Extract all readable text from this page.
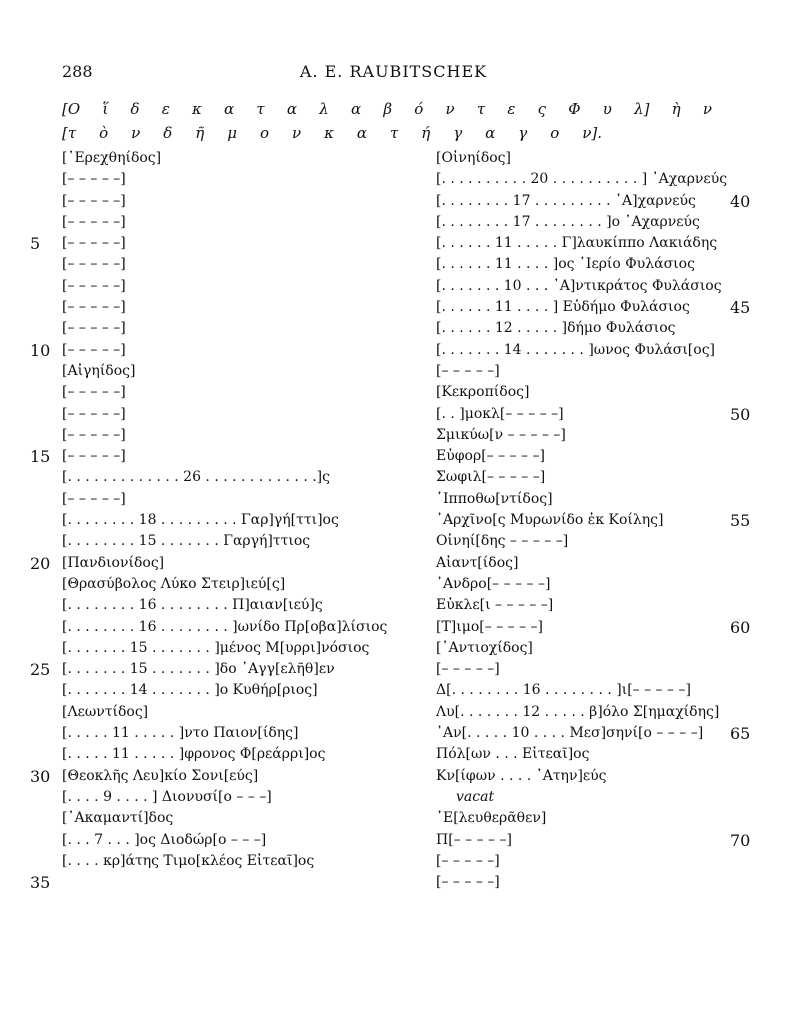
288	A. E. RAUBITSCHEK
[Ο ἵ δ ε κ α τ α λ α β ό ν τ ε ς Φ υ λ] ὴ ν
[τ ὸ ν δ ῆ μ ο ν κ α τ ή γ α γ ο ν].
[᾿Ερεχθηίδος]
[– – – – –]
[– – – – –]
[– – – – –]
[– – – – –]
[– – – – –]
[– – – – –]
[– – – – –]
[– – – – –]
[– – – – –]
[Αἰγηίδος]
[– – – – –]
[– – – – –]
[– – – – –]
[– – – – –]
[. . . . . . . . . . . . . 26 . . . . . . . . . . . . .]ς
[– – – – –]
[. . . . . . . . 18 . . . . . . . . . Γαρ]γή[ττι]ος
[. . . . . . . . 15 . . . . . . . Γαργή]ττιος
[Πανδιονίδος]
[Θρασύβολος Λύκο Στειρ]ιεύ[ς]
[. . . . . . . . 16 . . . . . . . . Π]αιαν[ιεύ]ς
[. . . . . . . . 16 . . . . . . . . ]ωνίδο Πρ[οβα]λίσιος
[. . . . . . . 15 . . . . . . . ]μένος Μ[υρρι]νόσιος
[. . . . . . . 15 . . . . . . . ]δο ᾿Αγγ[ελῆθ]εν
[. . . . . . . 14 . . . . . . . ]ο Κυθήρ[ριος]
[Λεωντίδος]
[. . . . . 11 . . . . . ]ντο Παιον[ίδης]
[. . . . . 11 . . . . . ]φρονος Φ[ρεάρρι]ος
[Θεοκλῆς Λευ]κίο Σονι[εύς]
[. . . . 9 . . . . ] Διονυσί[ο – – –]
[᾿Ακαμαντί]δος
[. . . 7 . . . ]ος Διοδώρ[ο – – –]
[. . . . κρ]άτης Τιμο[κλέος Εἰτεαῖ]ος
[Οἰνηίδος]
[. . . . . . . . . . 20 . . . . . . . . . . ] ᾿Αχαρνεύς
[. . . . . . . . 17 . . . . . . . . . ᾿Α]χαρνεύς
[. . . . . . . . 17 . . . . . . . . ]ο ᾿Αχαρνεύς
[. . . . . . 11 . . . . . Γ]λαυκίππο Λακιάδης
[. . . . . . 11 . . . . ]ος ῾Ιερίο Φυλάσιος
[. . . . . . . 10 . . . ᾿Α]ντικράτος Φυλάσιος
[. . . . . . 11 . . . . ] Εὐδήμο Φυλάσιος
[. . . . . . 12 . . . . . ]δήμο Φυλάσιος
[. . . . . . . 14 . . . . . . . ]ωνος Φυλάσι[ος]
[– – – – –]
[Κεκροπίδος]
[. . ]μοκλ[– – – – –]
Σμικύω[ν – – – – –]
Εὐφορ[– – – – –]
Σωφιλ[– – – – –]
῾Ιπποθω[ντίδος]
᾿Αρχῖνο[ς Μυρωνίδο ἐκ Κοίλης]
Οἰνηί[δης – – – – –]
Αἰαντ[ίδος]
᾿Ανδρο[– – – – –]
Εὐκλε[ι – – – – –]
[Τ]ιμο[– – – – –]
[᾿Αντιοχίδος]
[– – – – –]
Δ[. . . . . . . . 16 . . . . . . . . ]ι[– – – – –]
Λυ[. . . . . . . 12 . . . . . β]όλο Σ[ημαχίδης]
᾿Αν[. . . . . 10 . . . . Μεσ]σηνί[ο – – – –]
Πόλ[ων . . . Εἰτεαῖ]ος
Κν[ίφων . . . . ᾿Ατην]εύς
vacat
᾿Ε[λευθερᾶθεν]
Π[– – – – –]
[– – – – –]
[– – – – –]
5
10
15
20
25
30
35
40
45
50
55
60
65
70
